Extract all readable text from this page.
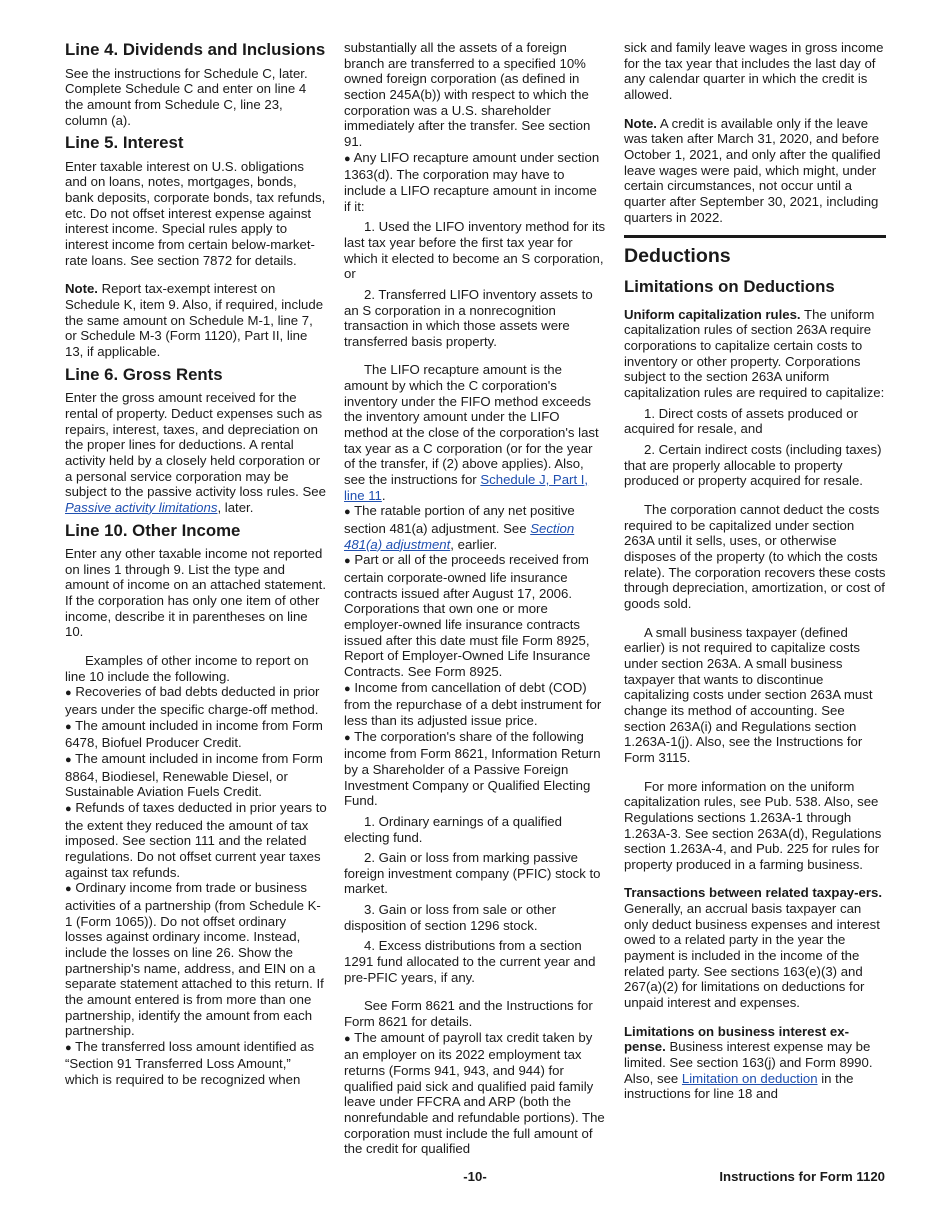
Line 4. Dividends and Inclusions

See the instructions for Schedule C, later. Complete Schedule C and enter on line 4 the amount from Schedule C, line 23, column (a).

Line 5. Interest

Enter taxable interest on U.S. obligations and on loans, notes, mortgages, bonds, bank deposits, corporate bonds, tax refunds, etc. Do not offset interest expense against interest income. Special rules apply to interest income from certain below-market-rate loans. See section 7872 for details.

Note. Report tax-exempt interest on Schedule K, item 9. Also, if required, include the same amount on Schedule M-1, line 7, or Schedule M-3 (Form 1120), Part II, line 13, if applicable.

Line 6. Gross Rents

Enter the gross amount received for the rental of property. Deduct expenses such as repairs, interest, taxes, and depreciation on the proper lines for deductions. A rental activity held by a closely held corporation or a personal service corporation may be subject to the passive activity loss rules. See Passive activity limitations, later.

Line 10. Other Income

Enter any other taxable income not reported on lines 1 through 9. List the type and amount of income on an attached statement. If the corporation has only one item of other income, describe it in parentheses on line 10.

Examples of other income to report on line 10 include the following.

● Recoveries of bad debts deducted in prior years under the specific charge-off method.

● The amount included in income from Form 6478, Biofuel Producer Credit.

● The amount included in income from Form 8864, Biodiesel, Renewable Diesel, or Sustainable Aviation Fuels Credit.

● Refunds of taxes deducted in prior years to the extent they reduced the amount of tax imposed. See section 111 and the related regulations. Do not offset current year taxes against tax refunds.

● Ordinary income from trade or business activities of a partnership (from Schedule K-1 (Form 1065)). Do not offset ordinary losses against ordinary income. Instead, include the losses on line 26. Show the partnership's name, address, and EIN on a separate statement attached to this return. If the amount entered is from more than one partnership, identify the amount from each partnership.

● The transferred loss amount identified as “Section 91 Transferred Loss Amount,” which is required to be recognized when

substantially all the assets of a foreign branch are transferred to a specified 10% owned foreign corporation (as defined in section 245A(b)) with respect to which the corporation was a U.S. shareholder immediately after the transfer. See section 91.

● Any LIFO recapture amount under section 1363(d). The corporation may have to include a LIFO recapture amount in income if it:

1. Used the LIFO inventory method for its last tax year before the first tax year for which it elected to become an S corporation, or

2. Transferred LIFO inventory assets to an S corporation in a nonrecognition transaction in which those assets were transferred basis property.

The LIFO recapture amount is the amount by which the C corporation's inventory under the FIFO method exceeds the inventory amount under the LIFO method at the close of the corporation's last tax year as a C corporation (or for the year of the transfer, if (2) above applies). Also, see the instructions for Schedule J, Part I, line 11.

● The ratable portion of any net positive section 481(a) adjustment. See Section 481(a) adjustment, earlier.

● Part or all of the proceeds received from certain corporate-owned life insurance contracts issued after August 17, 2006. Corporations that own one or more employer-owned life insurance contracts issued after this date must file Form 8925, Report of Employer-Owned Life Insurance Contracts. See Form 8925.

● Income from cancellation of debt (COD) from the repurchase of a debt instrument for less than its adjusted issue price.

● The corporation's share of the following income from Form 8621, Information Return by a Shareholder of a Passive Foreign Investment Company or Qualified Electing Fund.

1. Ordinary earnings of a qualified electing fund.

2. Gain or loss from marking passive foreign investment company (PFIC) stock to market.

3. Gain or loss from sale or other disposition of section 1296 stock.

4. Excess distributions from a section 1291 fund allocated to the current year and pre-PFIC years, if any.

See Form 8621 and the Instructions for Form 8621 for details.

● The amount of payroll tax credit taken by an employer on its 2022 employment tax returns (Forms 941, 943, and 944) for qualified paid sick and qualified paid family leave under FFCRA and ARP (both the nonrefundable and refundable portions). The corporation must include the full amount of the credit for qualified

sick and family leave wages in gross income for the tax year that includes the last day of any calendar quarter in which the credit is allowed.

Note. A credit is available only if the leave was taken after March 31, 2020, and before October 1, 2021, and only after the qualified leave wages were paid, which might, under certain circumstances, not occur until a quarter after September 30, 2021, including quarters in 2022.

Deductions

Limitations on Deductions

Uniform capitalization rules. The uniform capitalization rules of section 263A require corporations to capitalize certain costs to inventory or other property. Corporations subject to the section 263A uniform capitalization rules are required to capitalize:

1. Direct costs of assets produced or acquired for resale, and

2. Certain indirect costs (including taxes) that are properly allocable to property produced or property acquired for resale.

The corporation cannot deduct the costs required to be capitalized under section 263A until it sells, uses, or otherwise disposes of the property (to which the costs relate). The corporation recovers these costs through depreciation, amortization, or cost of goods sold.

A small business taxpayer (defined earlier) is not required to capitalize costs under section 263A. A small business taxpayer that wants to discontinue capitalizing costs under section 263A must change its method of accounting. See section 263A(i) and Regulations section 1.263A-1(j). Also, see the Instructions for Form 3115.

For more information on the uniform capitalization rules, see Pub. 538. Also, see Regulations sections 1.263A-1 through 1.263A-3. See section 263A(d), Regulations section 1.263A-4, and Pub. 225 for rules for property produced in a farming business.

Transactions between related taxpay-ers. Generally, an accrual basis taxpayer can only deduct business expenses and interest owed to a related party in the year the payment is included in the income of the related party. See sections 163(e)(3) and 267(a)(2) for limitations on deductions for unpaid interest and expenses.

Limitations on business interest ex-pense. Business interest expense may be limited. See section 163(j) and Form 8990. Also, see Limitation on deduction in the instructions for line 18 and

-10-	Instructions for Form 1120
